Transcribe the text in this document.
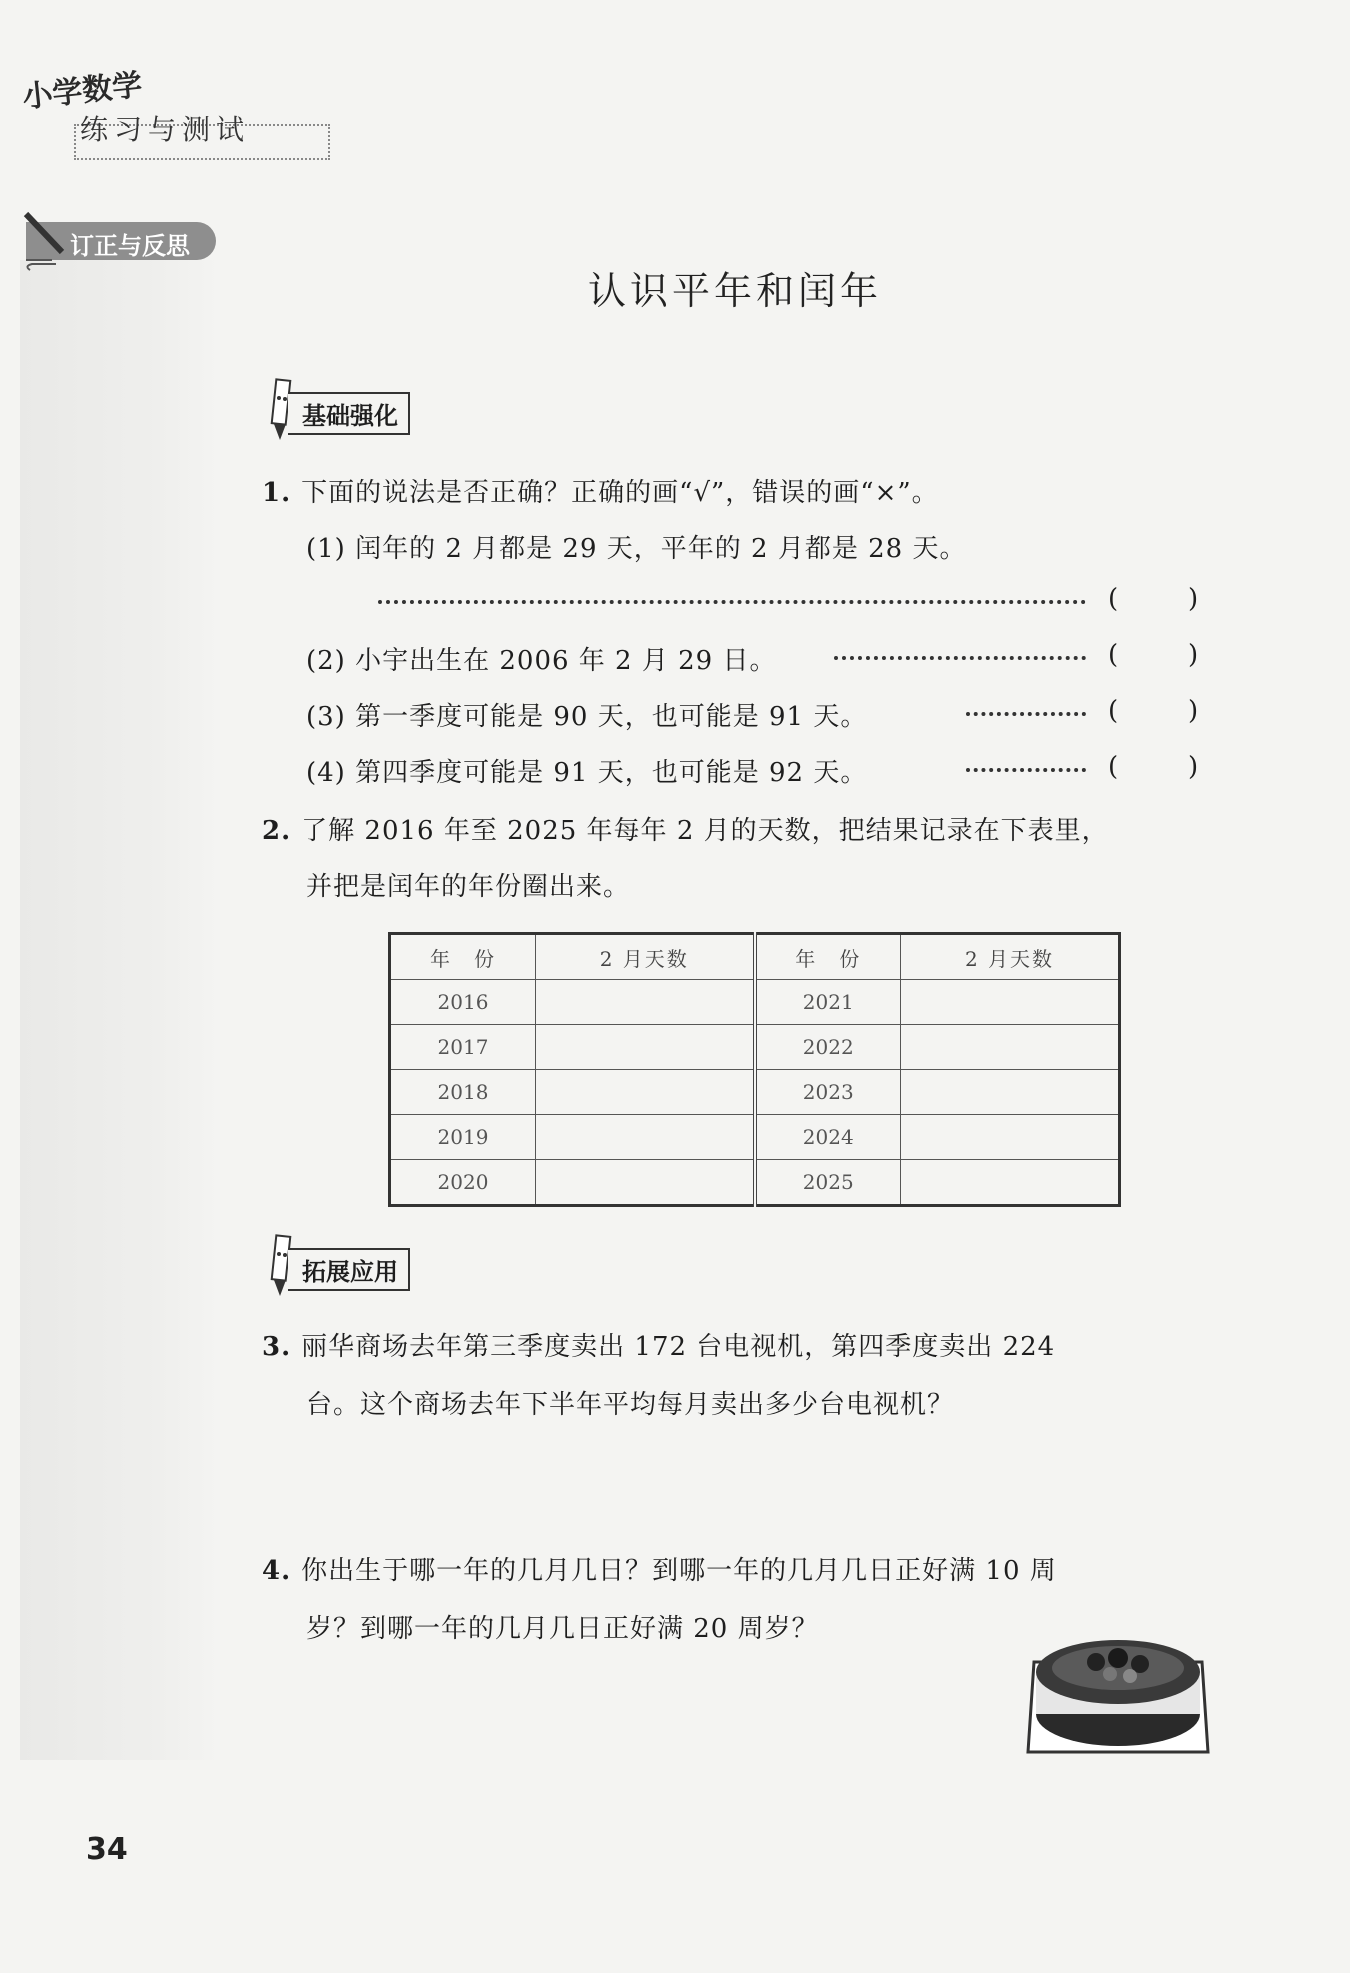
小学数学
练习与测试
订正与反思
认识平年和闰年
基础强化
1. 下面的说法是否正确？正确的画“√”，错误的画“×”。
(1) 闰年的 2 月都是 29 天，平年的 2 月都是 28 天。
(	)
(2) 小宇出生在 2006 年 2 月 29 日。	(	)
(3) 第一季度可能是 90 天，也可能是 91 天。	(	)
(4) 第四季度可能是 91 天，也可能是 92 天。	(	)
2. 了解 2016 年至 2025 年每年 2 月的天数，把结果记录在下表里，
并把是闰年的年份圈出来。
年　份	2 月天数	年　份	2 月天数
2016		2021	
2017		2022	
2018		2023	
2019		2024	
2020		2025	
拓展应用
3. 丽华商场去年第三季度卖出 172 台电视机，第四季度卖出 224
台。这个商场去年下半年平均每月卖出多少台电视机？
4. 你出生于哪一年的几月几日？到哪一年的几月几日正好满 10 周
岁？到哪一年的几月几日正好满 20 周岁？
34
